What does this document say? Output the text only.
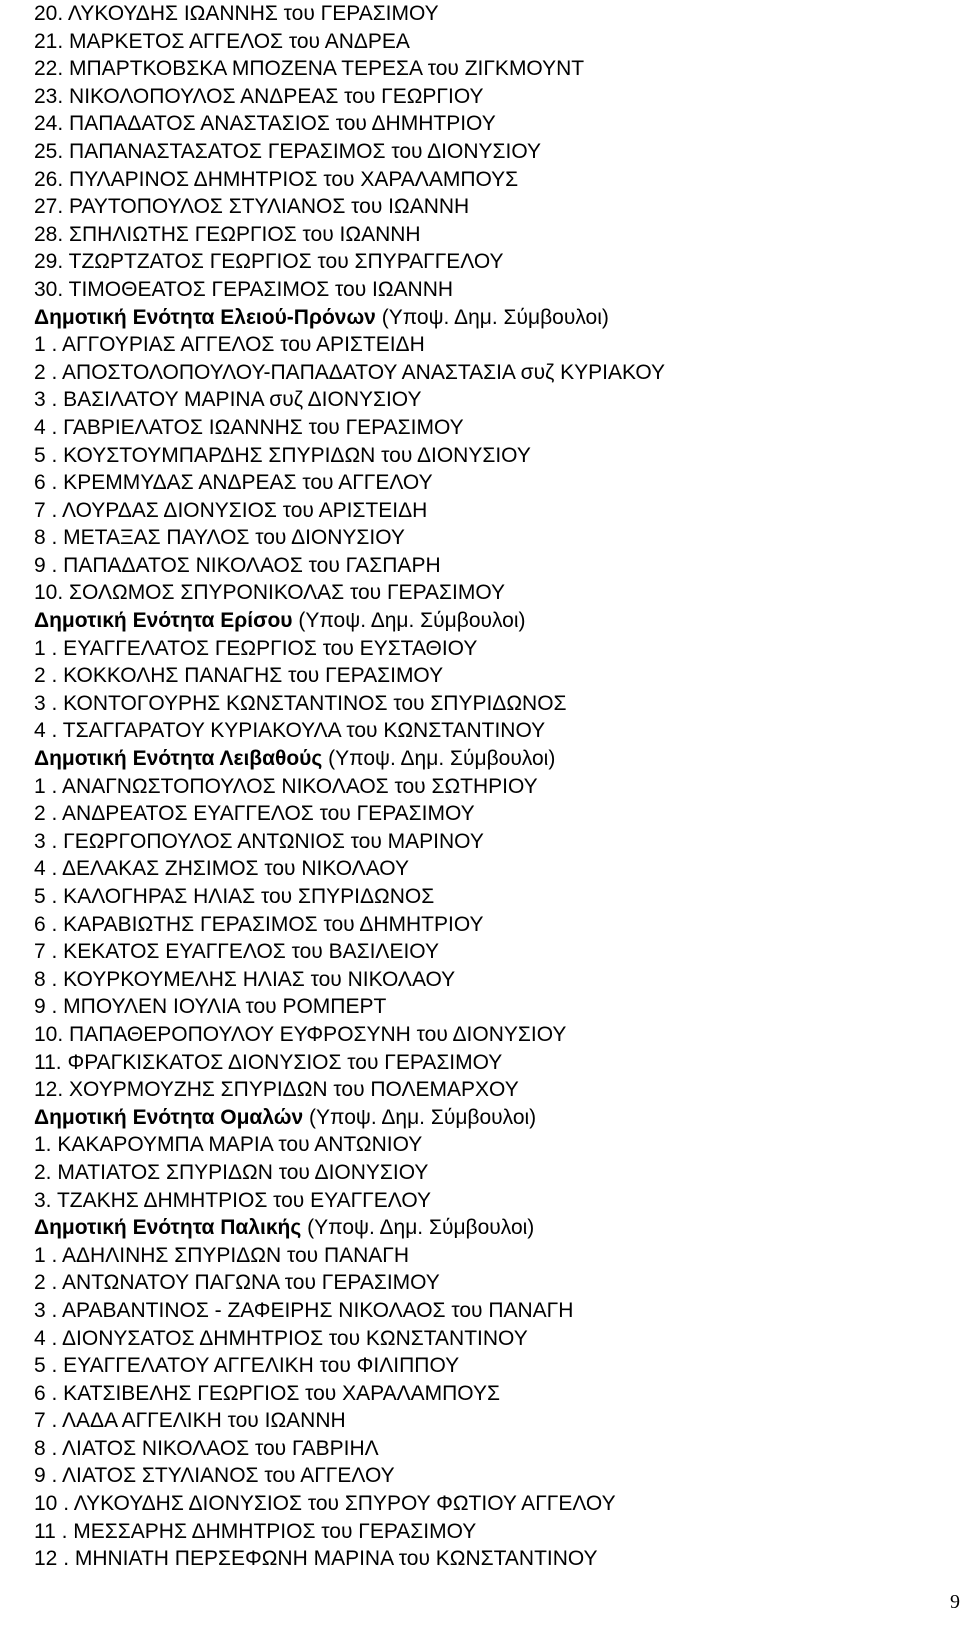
20. ΛΥΚΟΥΔΗΣ ΙΩΑΝΝΗΣ του ΓΕΡΑΣΙΜΟΥ
21. ΜΑΡΚΕΤΟΣ ΑΓΓΕΛΟΣ του ΑΝΔΡΕΑ
22. ΜΠΑΡΤΚΟΒΣΚΑ ΜΠΟΖΕΝΑ ΤΕΡΕΣΑ του ΖΙΓΚΜΟΥΝΤ
23. ΝΙΚΟΛΟΠΟΥΛΟΣ ΑΝΔΡΕΑΣ του ΓΕΩΡΓΙΟΥ
24. ΠΑΠΑΔΑΤΟΣ ΑΝΑΣΤΑΣΙΟΣ του ΔΗΜΗΤΡΙΟΥ
25. ΠΑΠΑΝΑΣΤΑΣΑΤΟΣ ΓΕΡΑΣΙΜΟΣ του ΔΙΟΝΥΣΙΟΥ
26. ΠΥΛΑΡΙΝΟΣ ΔΗΜΗΤΡΙΟΣ του ΧΑΡΑΛΑΜΠΟΥΣ
27. ΡΑΥΤΟΠΟΥΛΟΣ ΣΤΥΛΙΑΝΟΣ του ΙΩΑΝΝΗ
28. ΣΠΗΛΙΩΤΗΣ ΓΕΩΡΓΙΟΣ του ΙΩΑΝΝΗ
29. ΤΖΩΡΤΖΑΤΟΣ ΓΕΩΡΓΙΟΣ του ΣΠΥΡΑΓΓΕΛΟΥ
30. ΤΙΜΟΘΕΑΤΟΣ ΓΕΡΑΣΙΜΟΣ του ΙΩΑΝΝΗ
Δημοτική Ενότητα Ελειού-Πρόνων (Υποψ. Δημ. Σύμβουλοι)
1 . ΑΓΓΟΥΡΙΑΣ ΑΓΓΕΛΟΣ του ΑΡΙΣΤΕΙΔΗ
2 . ΑΠΟΣΤΟΛΟΠΟΥΛΟΥ-ΠΑΠΑΔΑΤΟΥ ΑΝΑΣΤΑΣΙΑ συζ ΚΥΡΙΑΚΟΥ
3 . ΒΑΣΙΛΑΤΟΥ ΜΑΡΙΝΑ συζ ΔΙΟΝΥΣΙΟΥ
4 . ΓΑΒΡΙΕΛΑΤΟΣ ΙΩΑΝΝΗΣ του ΓΕΡΑΣΙΜΟΥ
5 . ΚΟΥΣΤΟΥΜΠΑΡΔΗΣ ΣΠΥΡΙΔΩΝ του ΔΙΟΝΥΣΙΟΥ
6 . ΚΡΕΜΜΥΔΑΣ ΑΝΔΡΕΑΣ του ΑΓΓΕΛΟΥ
7 . ΛΟΥΡΔΑΣ ΔΙΟΝΥΣΙΟΣ του ΑΡΙΣΤΕΙΔΗ
8 . ΜΕΤΑΞΑΣ ΠΑΥΛΟΣ του ΔΙΟΝΥΣΙΟΥ
9 . ΠΑΠΑΔΑΤΟΣ ΝΙΚΟΛΑΟΣ του ΓΑΣΠΑΡΗ
10. ΣΟΛΩΜΟΣ ΣΠΥΡΟΝΙΚΟΛΑΣ του ΓΕΡΑΣΙΜΟΥ
Δημοτική Ενότητα Ερίσου (Υποψ. Δημ. Σύμβουλοι)
1 . ΕΥΑΓΓΕΛΑΤΟΣ ΓΕΩΡΓΙΟΣ του ΕΥΣΤΑΘΙΟΥ
2 . ΚΟΚΚΟΛΗΣ ΠΑΝΑΓΗΣ του ΓΕΡΑΣΙΜΟΥ
3 . ΚΟΝΤΟΓΟΥΡΗΣ ΚΩΝΣΤΑΝΤΙΝΟΣ του ΣΠΥΡΙΔΩΝΟΣ
4 . ΤΣΑΓΓΑΡΑΤΟΥ ΚΥΡΙΑΚΟΥΛΑ του ΚΩΝΣΤΑΝΤΙΝΟΥ
Δημοτική Ενότητα Λειβαθούς (Υποψ. Δημ. Σύμβουλοι)
1 . ΑΝΑΓΝΩΣΤΟΠΟΥΛΟΣ ΝΙΚΟΛΑΟΣ του ΣΩΤΗΡΙΟΥ
2 . ΑΝΔΡΕΑΤΟΣ ΕΥΑΓΓΕΛΟΣ του ΓΕΡΑΣΙΜΟΥ
3 . ΓΕΩΡΓΟΠΟΥΛΟΣ ΑΝΤΩΝΙΟΣ του ΜΑΡΙΝΟΥ
4 . ΔΕΛΑΚΑΣ ΖΗΣΙΜΟΣ του ΝΙΚΟΛΑΟΥ
5 . ΚΑΛΟΓΗΡΑΣ ΗΛΙΑΣ του ΣΠΥΡΙΔΩΝΟΣ
6 . ΚΑΡΑΒΙΩΤΗΣ ΓΕΡΑΣΙΜΟΣ του ΔΗΜΗΤΡΙΟΥ
7 . ΚΕΚΑΤΟΣ ΕΥΑΓΓΕΛΟΣ του ΒΑΣΙΛΕΙΟΥ
8 . ΚΟΥΡΚΟΥΜΕΛΗΣ ΗΛΙΑΣ του ΝΙΚΟΛΑΟΥ
9 . ΜΠΟΥΛΕΝ ΙΟΥΛΙΑ του ΡΟΜΠΕΡΤ
10. ΠΑΠΑΘΕΡΟΠΟΥΛΟΥ ΕΥΦΡΟΣΥΝΗ του ΔΙΟΝΥΣΙΟΥ
11. ΦΡΑΓΚΙΣΚΑΤΟΣ ΔΙΟΝΥΣΙΟΣ του ΓΕΡΑΣΙΜΟΥ
12. ΧΟΥΡΜΟΥΖΗΣ ΣΠΥΡΙΔΩΝ του ΠΟΛΕΜΑΡΧΟΥ
Δημοτική Ενότητα Ομαλών (Υποψ. Δημ. Σύμβουλοι)
1. ΚΑΚΑΡΟΥΜΠΑ ΜΑΡΙΑ του ΑΝΤΩΝΙΟΥ
2. ΜΑΤΙΑΤΟΣ ΣΠΥΡΙΔΩΝ του ΔΙΟΝΥΣΙΟΥ
3. ΤΖΑΚΗΣ ΔΗΜΗΤΡΙΟΣ του ΕΥΑΓΓΕΛΟΥ
Δημοτική Ενότητα Παλικής (Υποψ. Δημ. Σύμβουλοι)
1 . ΑΔΗΛΙΝΗΣ ΣΠΥΡΙΔΩΝ του ΠΑΝΑΓΗ
2 . ΑΝΤΩΝΑΤΟΥ ΠΑΓΩΝΑ του ΓΕΡΑΣΙΜΟΥ
3 . ΑΡΑΒΑΝΤΙΝΟΣ - ΖΑΦΕΙΡΗΣ ΝΙΚΟΛΑΟΣ του ΠΑΝΑΓΗ
4 . ΔΙΟΝΥΣΑΤΟΣ ΔΗΜΗΤΡΙΟΣ του ΚΩΝΣΤΑΝΤΙΝΟΥ
5 . ΕΥΑΓΓΕΛΑΤΟΥ ΑΓΓΕΛΙΚΗ του ΦΙΛΙΠΠΟΥ
6 . ΚΑΤΣΙΒΕΛΗΣ ΓΕΩΡΓΙΟΣ του ΧΑΡΑΛΑΜΠΟΥΣ
7 . ΛΑΔΑ ΑΓΓΕΛΙΚΗ του ΙΩΑΝΝΗ
8 . ΛΙΑΤΟΣ ΝΙΚΟΛΑΟΣ του ΓΑΒΡΙΗΛ
9 . ΛΙΑΤΟΣ ΣΤΥΛΙΑΝΟΣ του ΑΓΓΕΛΟΥ
10 . ΛΥΚΟΥΔΗΣ ΔΙΟΝΥΣΙΟΣ του ΣΠΥΡΟΥ ΦΩΤΙΟΥ ΑΓΓΕΛΟΥ
11 . ΜΕΣΣΑΡΗΣ ΔΗΜΗΤΡΙΟΣ του ΓΕΡΑΣΙΜΟΥ
12 . ΜΗΝΙΑΤΗ ΠΕΡΣΕΦΩΝΗ ΜΑΡΙΝΑ του ΚΩΝΣΤΑΝΤΙΝΟΥ
9
